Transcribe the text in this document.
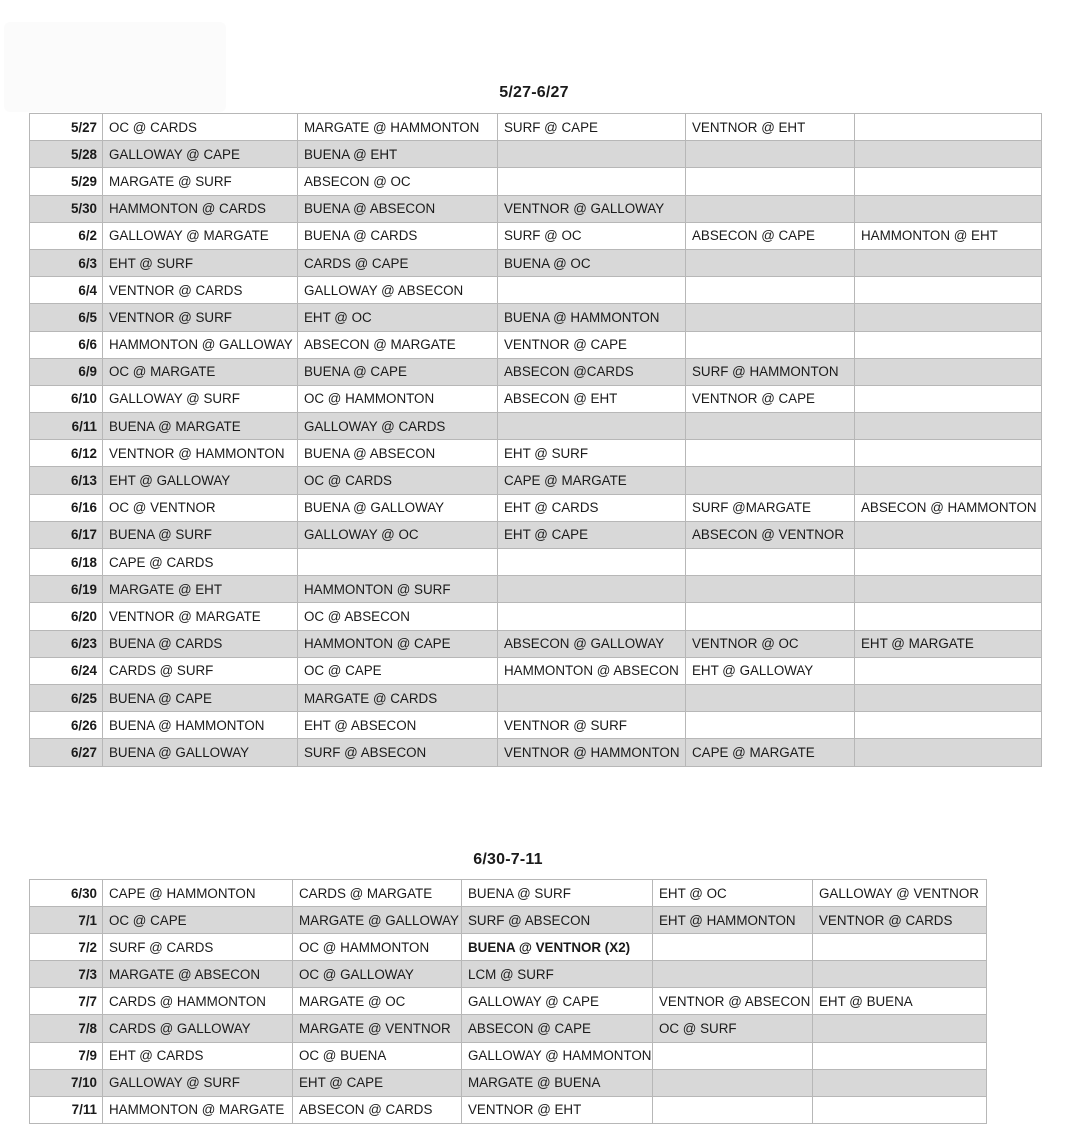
5/27-6/27
5/27	OC @ CARDS	MARGATE @ HAMMONTON	SURF @ CAPE	VENTNOR @ EHT	
5/28	GALLOWAY @ CAPE	BUENA @ EHT			
5/29	MARGATE @ SURF	ABSECON @ OC			
5/30	HAMMONTON @ CARDS	BUENA @ ABSECON	VENTNOR @ GALLOWAY		
6/2	GALLOWAY @ MARGATE	BUENA @ CARDS	SURF @ OC	ABSECON @ CAPE	HAMMONTON @ EHT
6/3	EHT @ SURF	CARDS @ CAPE	BUENA @ OC		
6/4	VENTNOR @ CARDS	GALLOWAY @ ABSECON			
6/5	VENTNOR @ SURF	EHT @ OC	BUENA @ HAMMONTON		
6/6	HAMMONTON @ GALLOWAY	ABSECON @ MARGATE	VENTNOR @ CAPE		
6/9	OC @ MARGATE	BUENA @ CAPE	ABSECON @CARDS	SURF @ HAMMONTON	
6/10	GALLOWAY @ SURF	OC @ HAMMONTON	ABSECON @ EHT	VENTNOR @ CAPE	
6/11	BUENA @ MARGATE	GALLOWAY @ CARDS			
6/12	VENTNOR @ HAMMONTON	BUENA @ ABSECON	EHT @ SURF		
6/13	EHT @ GALLOWAY	OC @ CARDS	CAPE @ MARGATE		
6/16	OC @ VENTNOR	BUENA @ GALLOWAY	EHT @ CARDS	SURF @MARGATE	ABSECON @ HAMMONTON
6/17	BUENA @ SURF	GALLOWAY @ OC	EHT @ CAPE	ABSECON @ VENTNOR	
6/18	CAPE @ CARDS				
6/19	MARGATE @ EHT	HAMMONTON @ SURF			
6/20	VENTNOR @ MARGATE	OC @ ABSECON			
6/23	BUENA @ CARDS	HAMMONTON @ CAPE	ABSECON @ GALLOWAY	VENTNOR @ OC	EHT @ MARGATE
6/24	CARDS @ SURF	OC @ CAPE	HAMMONTON @ ABSECON	EHT @ GALLOWAY	
6/25	BUENA @ CAPE	MARGATE @ CARDS			
6/26	BUENA @ HAMMONTON	EHT @ ABSECON	VENTNOR @ SURF		
6/27	BUENA @ GALLOWAY	SURF @ ABSECON	VENTNOR @ HAMMONTON	CAPE @ MARGATE	
6/30-7-11
6/30	CAPE @ HAMMONTON	CARDS @ MARGATE	BUENA @ SURF	EHT @ OC	GALLOWAY @ VENTNOR
7/1	OC @ CAPE	MARGATE @ GALLOWAY	SURF @ ABSECON	EHT @ HAMMONTON	VENTNOR @ CARDS
7/2	SURF @ CARDS	OC @ HAMMONTON	BUENA @ VENTNOR (X2)		
7/3	MARGATE @ ABSECON	OC @ GALLOWAY	LCM @ SURF		
7/7	CARDS @ HAMMONTON	MARGATE @ OC	GALLOWAY @ CAPE	VENTNOR @ ABSECON	EHT @ BUENA
7/8	CARDS @ GALLOWAY	MARGATE @ VENTNOR	ABSECON @ CAPE	OC @ SURF	
7/9	EHT @ CARDS	OC @ BUENA	GALLOWAY @ HAMMONTON		
7/10	GALLOWAY @ SURF	EHT @ CAPE	MARGATE @ BUENA		
7/11	HAMMONTON @ MARGATE	ABSECON @ CARDS	VENTNOR @ EHT		
